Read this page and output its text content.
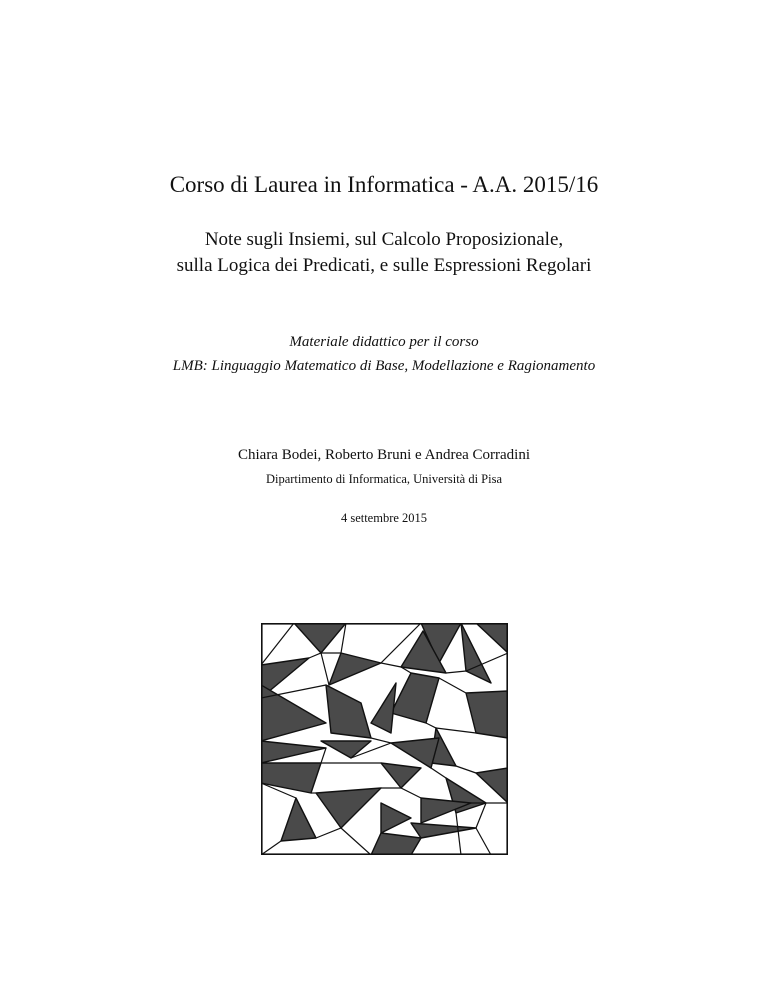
Corso di Laurea in Informatica - A.A. 2015/16
Note sugli Insiemi, sul Calcolo Proposizionale,
sulla Logica dei Predicati, e sulle Espressioni Regolari
Materiale didattico per il corso
LMB: Linguaggio Matematico di Base, Modellazione e Ragionamento
Chiara Bodei, Roberto Bruni e Andrea Corradini
Dipartimento di Informatica, Università di Pisa
4 settembre 2015
